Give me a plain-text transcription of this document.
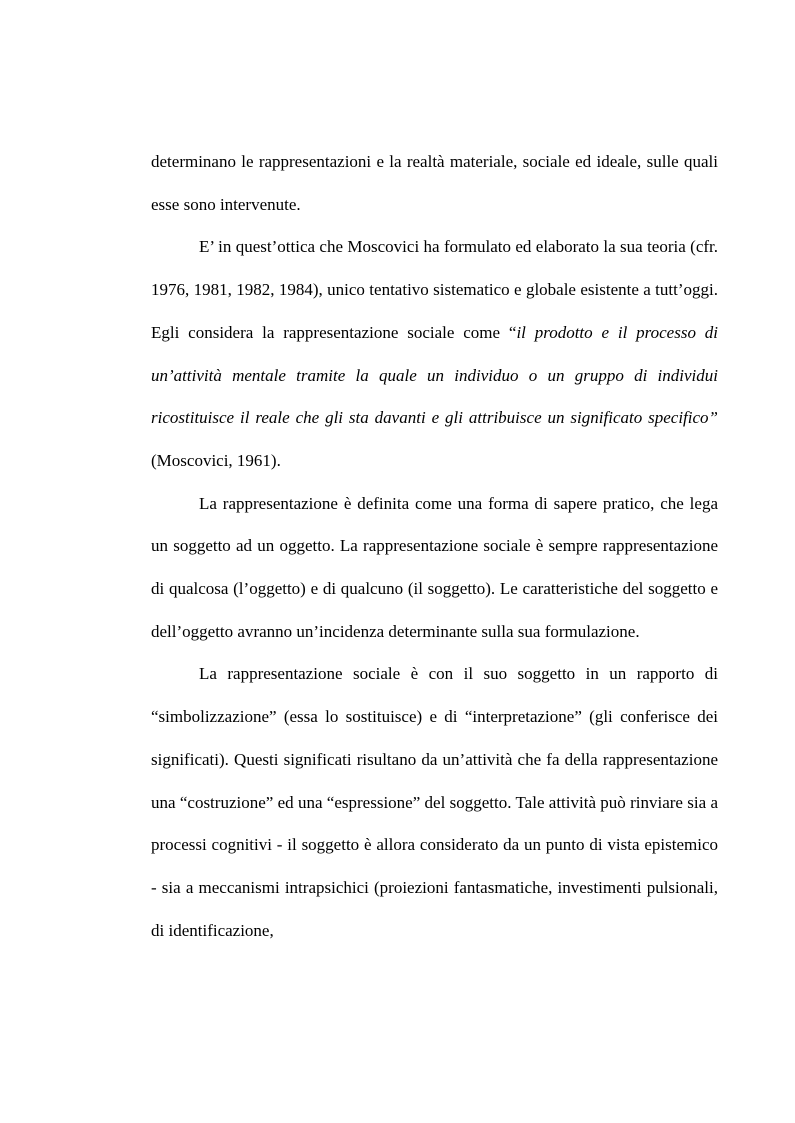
determinano le rappresentazioni e la realtà materiale, sociale ed ideale, sulle quali esse sono intervenute.

E’ in quest’ottica che Moscovici ha formulato ed elaborato la sua teoria (cfr. 1976, 1981, 1982, 1984), unico tentativo sistematico e globale esistente a tutt’oggi. Egli considera la rappresentazione sociale come “il prodotto e il processo di un’attività mentale tramite la quale un individuo o un gruppo di individui ricostituisce il reale che gli sta davanti e gli attribuisce un significato specifico” (Moscovici, 1961).

La rappresentazione è definita come una forma di sapere pratico, che lega un soggetto ad un oggetto. La rappresentazione sociale è sempre rappresentazione di qualcosa (l’oggetto) e di qualcuno (il soggetto). Le caratteristiche del soggetto e dell’oggetto avranno un’incidenza determinante sulla sua formulazione.

La rappresentazione sociale è con il suo soggetto in un rapporto di “simbolizzazione” (essa lo sostituisce) e di “interpretazione” (gli conferisce dei significati). Questi significati risultano da un’attività che fa della rappresentazione una “costruzione” ed una “espressione” del soggetto. Tale attività può rinviare sia a processi cognitivi - il soggetto è allora considerato da un punto di vista epistemico - sia a meccanismi intrapsichici (proiezioni fantasmatiche, investimenti pulsionali, di identificazione,
